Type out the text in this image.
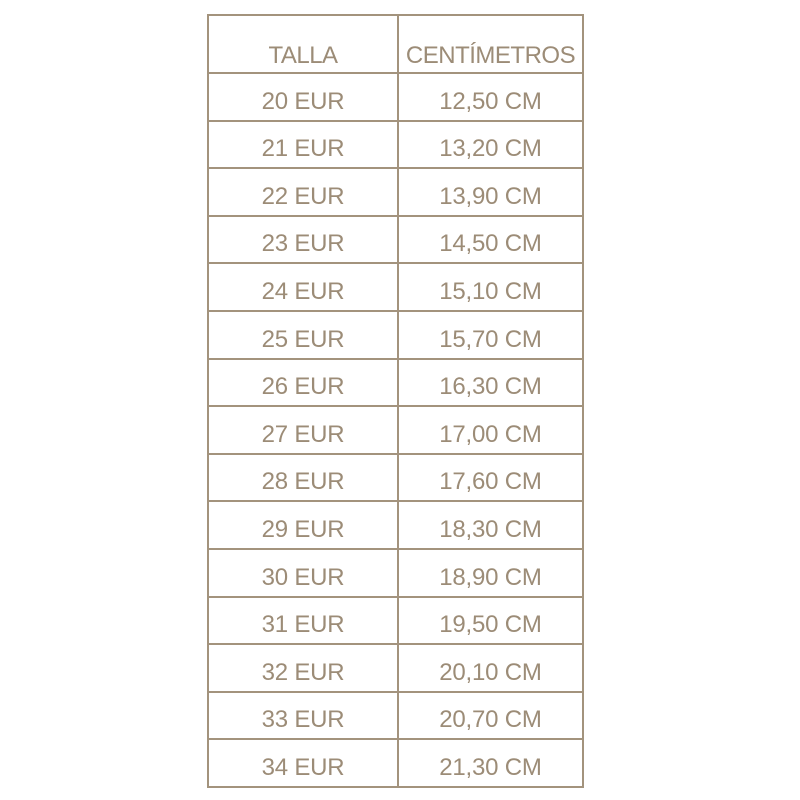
TALLA	CENTÍMETROS
20 EUR	12,50 CM
21 EUR	13,20 CM
22 EUR	13,90 CM
23 EUR	14,50 CM
24 EUR	15,10 CM
25 EUR	15,70 CM
26 EUR	16,30 CM
27 EUR	17,00 CM
28 EUR	17,60 CM
29 EUR	18,30 CM
30 EUR	18,90 CM
31 EUR	19,50 CM
32 EUR	20,10 CM
33 EUR	20,70 CM
34 EUR	21,30 CM
